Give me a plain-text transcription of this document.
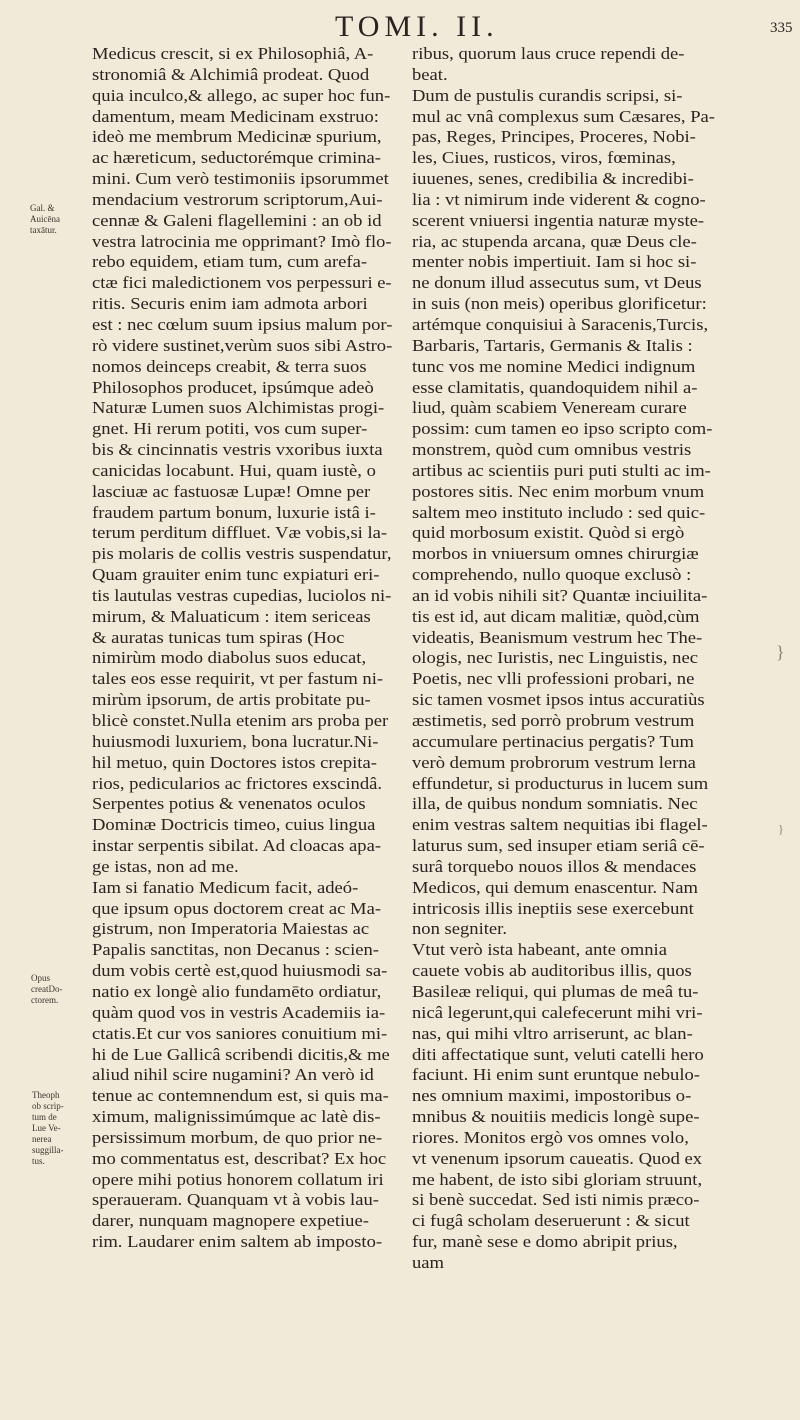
TOMI. II.	335
Gal. &
Auicēna
taxātur.
Opus
creatDo-
ctorem.
Theoph
ob scrip-
tum de
Lue Ve-
nerea
suggilla-
tus.
}
}
Medicus crescit, si ex Philosophiâ, A-
stronomiâ & Alchimiâ prodeat. Quod
quia inculco,& allego, ac super hoc fun-
damentum, meam Medicinam exstruo:
ideò me membrum Medicinæ spurium,
ac hæreticum, seductorémque crimina-
mini. Cum verò testimoniis ipsorummet
mendacium vestrorum scriptorum,Aui-
cennæ & Galeni flagellemini : an ob id
vestra latrocinia me opprimant? Imò flo-
rebo equidem, etiam tum, cum arefa-
ctæ fici maledictionem vos perpessuri e-
ritis. Securis enim iam admota arbori
est : nec cœlum suum ipsius malum por-
rò videre sustinet,verùm suos sibi Astro-
nomos deinceps creabit, & terra suos
Philosophos producet, ipsúmque adeò
Naturæ Lumen suos Alchimistas progi-
gnet. Hi rerum potiti, vos cum super-
bis & cincinnatis vestris vxoribus iuxta
canicidas locabunt. Hui, quam iustè, o
lasciuæ ac fastuosæ Lupæ! Omne per
fraudem partum bonum, luxurie istâ i-
terum perditum diffluet. Væ vobis,si la-
pis molaris de collis vestris suspendatur,
Quam grauiter enim tunc expiaturi eri-
tis lautulas vestras cupedias, luciolos ni-
mirum, & Maluaticum : item sericeas
& auratas tunicas tum spiras (Hoc
nimirùm modo diabolus suos educat,
tales eos esse requirit, vt per fastum ni-
mirùm ipsorum, de artis probitate pu-
blicè constet.Nulla etenim ars proba per
huiusmodi luxuriem, bona lucratur.Ni-
hil metuo, quin Doctores istos crepita-
rios, pedicularios ac frictores exscindâ.
Serpentes potius & venenatos oculos
Dominæ Doctricis timeo, cuius lingua
instar serpentis sibilat. Ad cloacas apa-
ge istas, non ad me.
Iam si fanatio Medicum facit, adeó-
que ipsum opus doctorem creat ac Ma-
gistrum, non Imperatoria Maiestas ac
Papalis sanctitas, non Decanus : scien-
dum vobis certè est,quod huiusmodi sa-
natio ex longè alio fundamēto ordiatur,
quàm quod vos in vestris Academiis ia-
ctatis.Et cur vos saniores conuitium mi-
hi de Lue Gallicâ scribendi dicitis,& me
aliud nihil scire nugamini? An verò id
tenue ac contemnendum est, si quis ma-
ximum, malignissimúmque ac latè dis-
persissimum morbum, de quo prior ne-
mo commentatus est, describat? Ex hoc
opere mihi potius honorem collatum iri
speraueram. Quanquam vt à vobis lau-
darer, nunquam magnopere expetiue-
rim. Laudarer enim saltem ab imposto-
ribus, quorum laus cruce rependi de-
beat.
Dum de pustulis curandis scripsi, si-
mul ac vnâ complexus sum Cæsares, Pa-
pas, Reges, Principes, Proceres, Nobi-
les, Ciues, rusticos, viros, fœminas,
iuuenes, senes, credibilia & incredibi-
lia : vt nimirum inde viderent & cogno-
scerent vniuersi ingentia naturæ myste-
ria, ac stupenda arcana, quæ Deus cle-
menter nobis impertiuit. Iam si hoc si-
ne donum illud assecutus sum, vt Deus
in suis (non meis) operibus glorificetur:
artémque conquisiui à Saracenis,Turcis,
Barbaris, Tartaris, Germanis & Italis :
tunc vos me nomine Medici indignum
esse clamitatis, quandoquidem nihil a-
liud, quàm scabiem Veneream curare
possim: cum tamen eo ipso scripto com-
monstrem, quòd cum omnibus vestris
artibus ac scientiis puri puti stulti ac im-
postores sitis. Nec enim morbum vnum
saltem meo instituto includo : sed quic-
quid morbosum existit. Quòd si ergò
morbos in vniuersum omnes chirurgiæ
comprehendo, nullo quoque exclusò :
an id vobis nihili sit? Quantæ inciuilita-
tis est id, aut dicam malitiæ, quòd,cùm
videatis, Beanismum vestrum hec The-
ologis, nec Iuristis, nec Linguistis, nec
Poetis, nec vlli professioni probari, ne
sic tamen vosmet ipsos intus accuratiùs
æstimetis, sed porrò probrum vestrum
accumulare pertinacius pergatis? Tum
verò demum probrorum vestrum lerna
effundetur, si producturus in lucem sum
illa, de quibus nondum somniatis. Nec
enim vestras saltem nequitias ibi flagel-
laturus sum, sed insuper etiam seriâ cē-
surâ torquebo nouos illos & mendaces
Medicos, qui demum enascentur. Nam
intricosis illis ineptiis sese exercebunt
non segniter.
Vtut verò ista habeant, ante omnia
cauete vobis ab auditoribus illis, quos
Basileæ reliqui, qui plumas de meâ tu-
nicâ legerunt,qui calefecerunt mihi vri-
nas, qui mihi vltro arriserunt, ac blan-
diti affectatique sunt, veluti catelli hero
faciunt. Hi enim sunt eruntque nebulo-
nes omnium maximi, impostoribus o-
mnibus & nouitiis medicis longè supe-
riores. Monitos ergò vos omnes volo,
vt venenum ipsorum caueatis. Quod ex
me habent, de isto sibi gloriam struunt,
si benè succedat. Sed isti nimis præco-
ci fugâ scholam deseruerunt : & sicut
fur, manè sese e domo abripit prius,
uam
